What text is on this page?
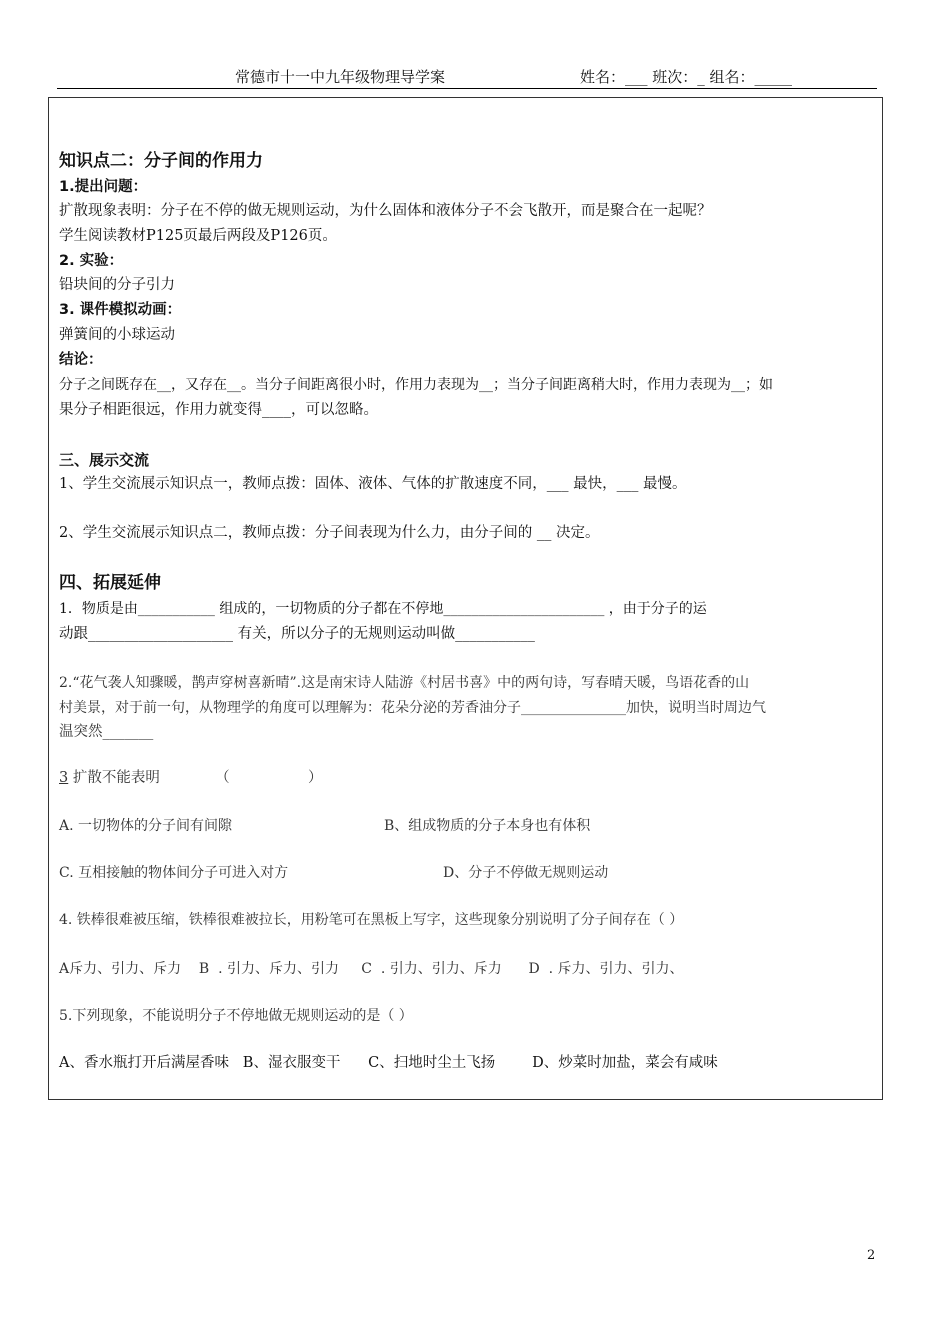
常德市十一中九年级物理导学案	姓名：___ 班次：_ 组名：_____
知识点二：分子间的作用力
1.提出问题：
扩散现象表明：分子在不停的做无规则运动，为什么固体和液体分子不会飞散开，而是聚合在一起呢？
学生阅读教材P125页最后两段及P126页。
2. 实验：
铅块间的分子引力
3. 课件模拟动画：
弹簧间的小球运动
结论：
分子之间既存在__，又存在__。当分子间距离很小时，作用力表现为__；当分子间距离稍大时，作用力表现为__；如
果分子相距很远，作用力就变得____，可以忽略。
三、展示交流
1、学生交流展示知识点一，教师点拨：固体、液体、气体的扩散速度不同，___ 最快，___ 最慢。
2、学生交流展示知识点二，教师点拨：分子间表现为什么力，由分子间的 __ 决定。
四、拓展延伸
1．物质是由___________ 组成的，一切物质的分子都在不停地_______________________ ，由于分子的运
动跟____________________ 有关，所以分子的无规则运动叫做___________
2.“花气袭人知骤暖，鹊声穿树喜新晴”.这是南宋诗人陆游《村居书喜》中的两句诗，写春晴天暖，鸟语花香的山
村美景，对于前一句，从物理学的角度可以理解为：花朵分泌的芳香油分子_______________加快，说明当时周边气
温突然_______
3 扩散不能表明            （                 ）
A. 一切物体的分子间有间隙	B、组成物质的分子本身也有体积
C. 互相接触的物体间分子可进入对方	D、分子不停做无规则运动
4. 铁棒很难被压缩，铁棒很难被拉长，用粉笔可在黑板上写字，这些现象分别说明了分子间存在（ ）
A斥力、引力、斥力    B  . 引力、斥力、引力     C  . 引力、引力、斥力      D  . 斥力、引力、引力、
5.下列现象，不能说明分子不停地做无规则运动的是（ ）
A、香水瓶打开后满屋香味   B、湿衣服变干      C、扫地时尘土飞扬        D、炒菜时加盐，菜会有咸味
2
